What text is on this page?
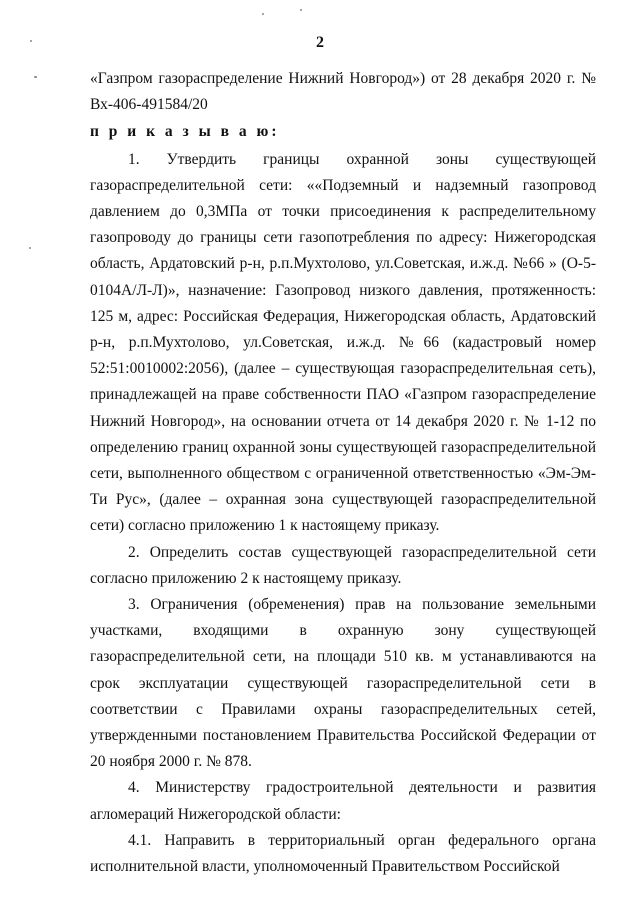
2

«Газпром газораспределение Нижний Новгород») от 28 декабря 2020 г. № Вх-406-491584/20

п р и к а з ы в а ю:

1. Утвердить границы охранной зоны существующей газораспределительной сети: ««Подземный и надземный газопровод давлением до 0,3МПа от точки присоединения к распределительному газопроводу до границы сети газопотребления по адресу: Нижегородская область, Ардатовский р-н, р.п.Мухтолово, ул.Советская, и.ж.д. №66 » (О-5-0104А/Л-Л)», назначение: Газопровод низкого давления, протяженность: 125 м, адрес: Российская Федерация, Нижегородская область, Ардатовский р-н, р.п.Мухтолово, ул.Советская, и.ж.д. №66 (кадастровый номер 52:51:0010002:2056), (далее – существующая газораспределительная сеть), принадлежащей на праве собственности ПАО «Газпром газораспределение Нижний Новгород», на основании отчета от 14 декабря 2020 г. № 1-12 по определению границ охранной зоны существующей газораспределительной сети, выполненного обществом с ограниченной ответственностью «Эм-Эм-Ти Рус», (далее – охранная зона существующей газораспределительной сети) согласно приложению 1 к настоящему приказу.

2. Определить состав существующей газораспределительной сети согласно приложению 2 к настоящему приказу.

3. Ограничения (обременения) прав на пользование земельными участками, входящими в охранную зону существующей газораспределительной сети, на площади 510 кв. м устанавливаются на срок эксплуатации существующей газораспределительной сети в соответствии с Правилами охраны газораспределительных сетей, утвержденными постановлением Правительства Российской Федерации от 20 ноября 2000 г. № 878.

4. Министерству градостроительной деятельности и развития агломераций Нижегородской области:

4.1. Направить в территориальный орган федерального органа исполнительной власти, уполномоченный Правительством Российской
